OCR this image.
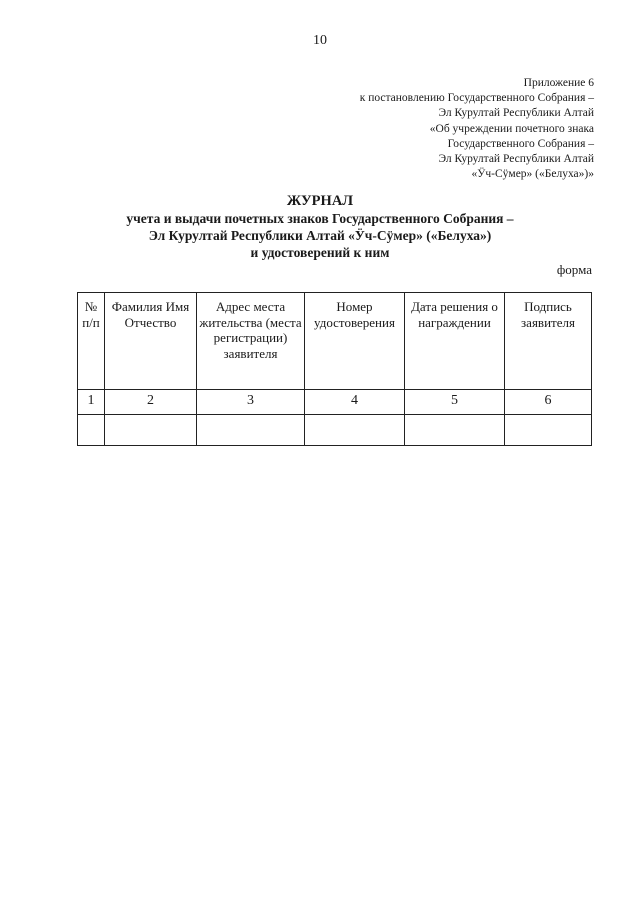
10
Приложение 6
к постановлению Государственного Собрания –
Эл Курултай Республики Алтай
«Об учреждении почетного знака
Государственного Собрания –
Эл Курултай Республики Алтай
«Ӱч-Сӱмер» («Белуха»)»
ЖУРНАЛ
учета и выдачи почетных знаков Государственного Собрания –
Эл Курултай Республики Алтай «Ӱч-Сӱмер» («Белуха»)
и удостоверений к ним
форма
№ п/п	Фамилия Имя Отчество	Адрес места жительства (места регистрации) заявителя	Номер удостоверения	Дата решения о награждении	Подпись заявителя
1	2	3	4	5	6
